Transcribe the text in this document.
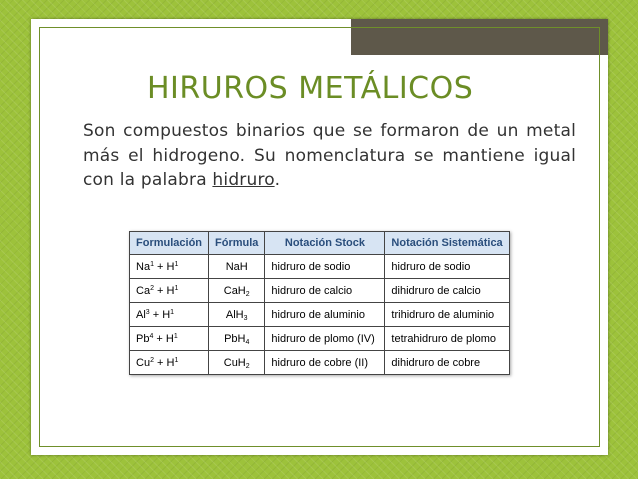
HIRUROS METÁLICOS

Son compuestos binarios que se formaron de un metal más el hidrogeno. Su nomenclatura se mantiene igual con la palabra hidruro.

Formulación	Fórmula	Notación Stock	Notación Sistemática
$Na^1 + H^1$	NaH	hidruro de sodio	hidruro de sodio
$Ca^2 + H^1$	CaH$_2$	hidruro de calcio	dihidruro de calcio
$Al^3 + H^1$	AlH$_3$	hidruro de aluminio	trihidruro de aluminio
$Pb^4 + H^1$	PbH$_4$	hidruro de plomo (IV)	tetrahidruro de plomo
$Cu^2 + H^1$	CuH$_2$	hidruro de cobre (II)	dihidruro de cobre
